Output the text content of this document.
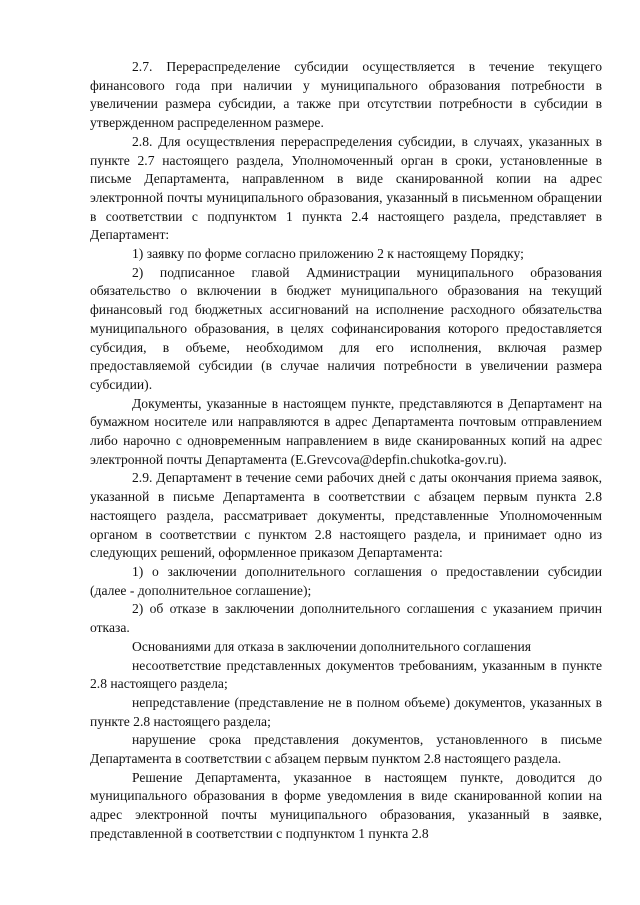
2.7. Перераспределение субсидии осуществляется в течение текущего финансового года при наличии у муниципального образования потребности в увеличении размера субсидии, а также при отсутствии потребности в субсидии в утвержденном распределенном размере.

2.8. Для осуществления перераспределения субсидии, в случаях, указанных в пункте 2.7 настоящего раздела, Уполномоченный орган в сроки, установленные в письме Департамента, направленном в виде сканированной копии на адрес электронной почты муниципального образования, указанный в письменном обращении в соответствии с подпунктом 1 пункта 2.4 настоящего раздела, представляет в Департамент:

1) заявку по форме согласно приложению 2 к настоящему Порядку;

2) подписанное главой Администрации муниципального образования обязательство о включении в бюджет муниципального образования на текущий финансовый год бюджетных ассигнований на исполнение расходного обязательства муниципального образования, в целях софинансирования которого предоставляется субсидия, в объеме, необходимом для его исполнения, включая размер предоставляемой субсидии (в случае наличия потребности в увеличении размера субсидии).

Документы, указанные в настоящем пункте, представляются в Департамент на бумажном носителе или направляются в адрес Департамента почтовым отправлением либо нарочно с одновременным направлением в виде сканированных копий на адрес электронной почты Департамента (E.Grevcova@depfin.chukotka-gov.ru).

2.9. Департамент в течение семи рабочих дней с даты окончания приема заявок, указанной в письме Департамента в соответствии с абзацем первым пункта 2.8 настоящего раздела, рассматривает документы, представленные Уполномоченным органом в соответствии с пунктом 2.8 настоящего раздела, и принимает одно из следующих решений, оформленное приказом Департамента:

1) о заключении дополнительного соглашения о предоставлении субсидии (далее - дополнительное соглашение);

2) об отказе в заключении дополнительного соглашения с указанием причин отказа.

Основаниями для отказа в заключении дополнительного соглашения

несоответствие представленных документов требованиям, указанным в пункте 2.8 настоящего раздела;

непредставление (представление не в полном объеме) документов, указанных в пункте 2.8 настоящего раздела;

нарушение срока представления документов, установленного в письме Департамента в соответствии с абзацем первым пунктом 2.8 настоящего раздела.

Решение Департамента, указанное в настоящем пункте, доводится до муниципального образования в форме уведомления в виде сканированной копии на адрес электронной почты муниципального образования, указанный в заявке, представленной в соответствии с подпунктом 1 пункта 2.8
